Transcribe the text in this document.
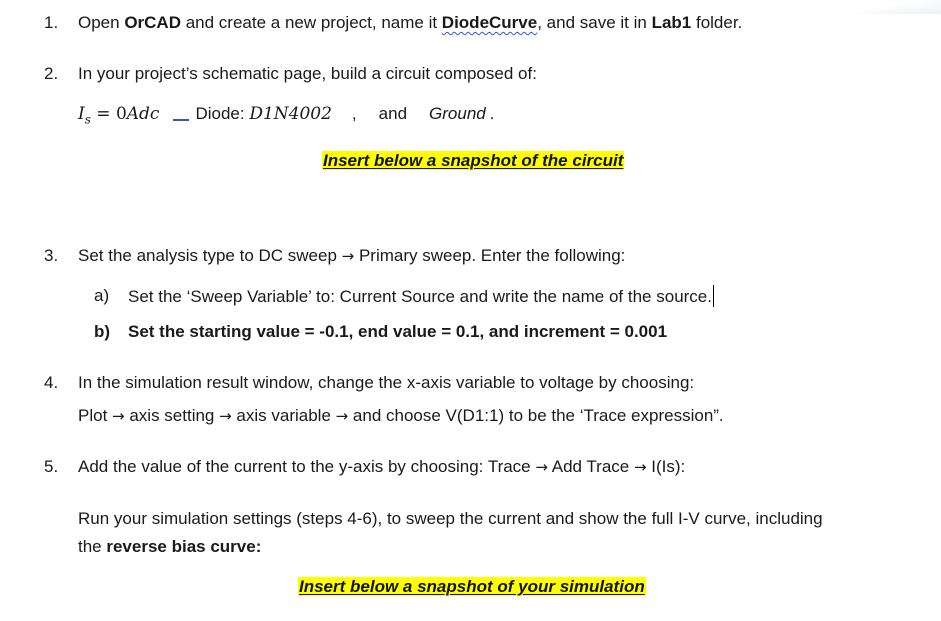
1.	Open OrCAD and create a new project, name it DiodeCurve, and save it in Lab1 folder.
2.	In your project’s schematic page, build a circuit composed of:
$I_s = 0Adc$ Diode: D1N4002 , and Ground .
Insert below a snapshot of the circuit
3.	Set the analysis type to DC sweep → Primary sweep. Enter the following:
a) Set the ‘Sweep Variable’ to: Current Source and write the name of the source.
b) Set the starting value = -0.1, end value = 0.1, and increment = 0.001
4.	In the simulation result window, change the x-axis variable to voltage by choosing:
Plot → axis setting → axis variable → and choose V(D1:1) to be the ‘Trace expression”.
5.	Add the value of the current to the y-axis by choosing: Trace → Add Trace → I(Is):
Run your simulation settings (steps 4-6), to sweep the current and show the full I-V curve, including
the reverse bias curve:
Insert below a snapshot of your simulation
